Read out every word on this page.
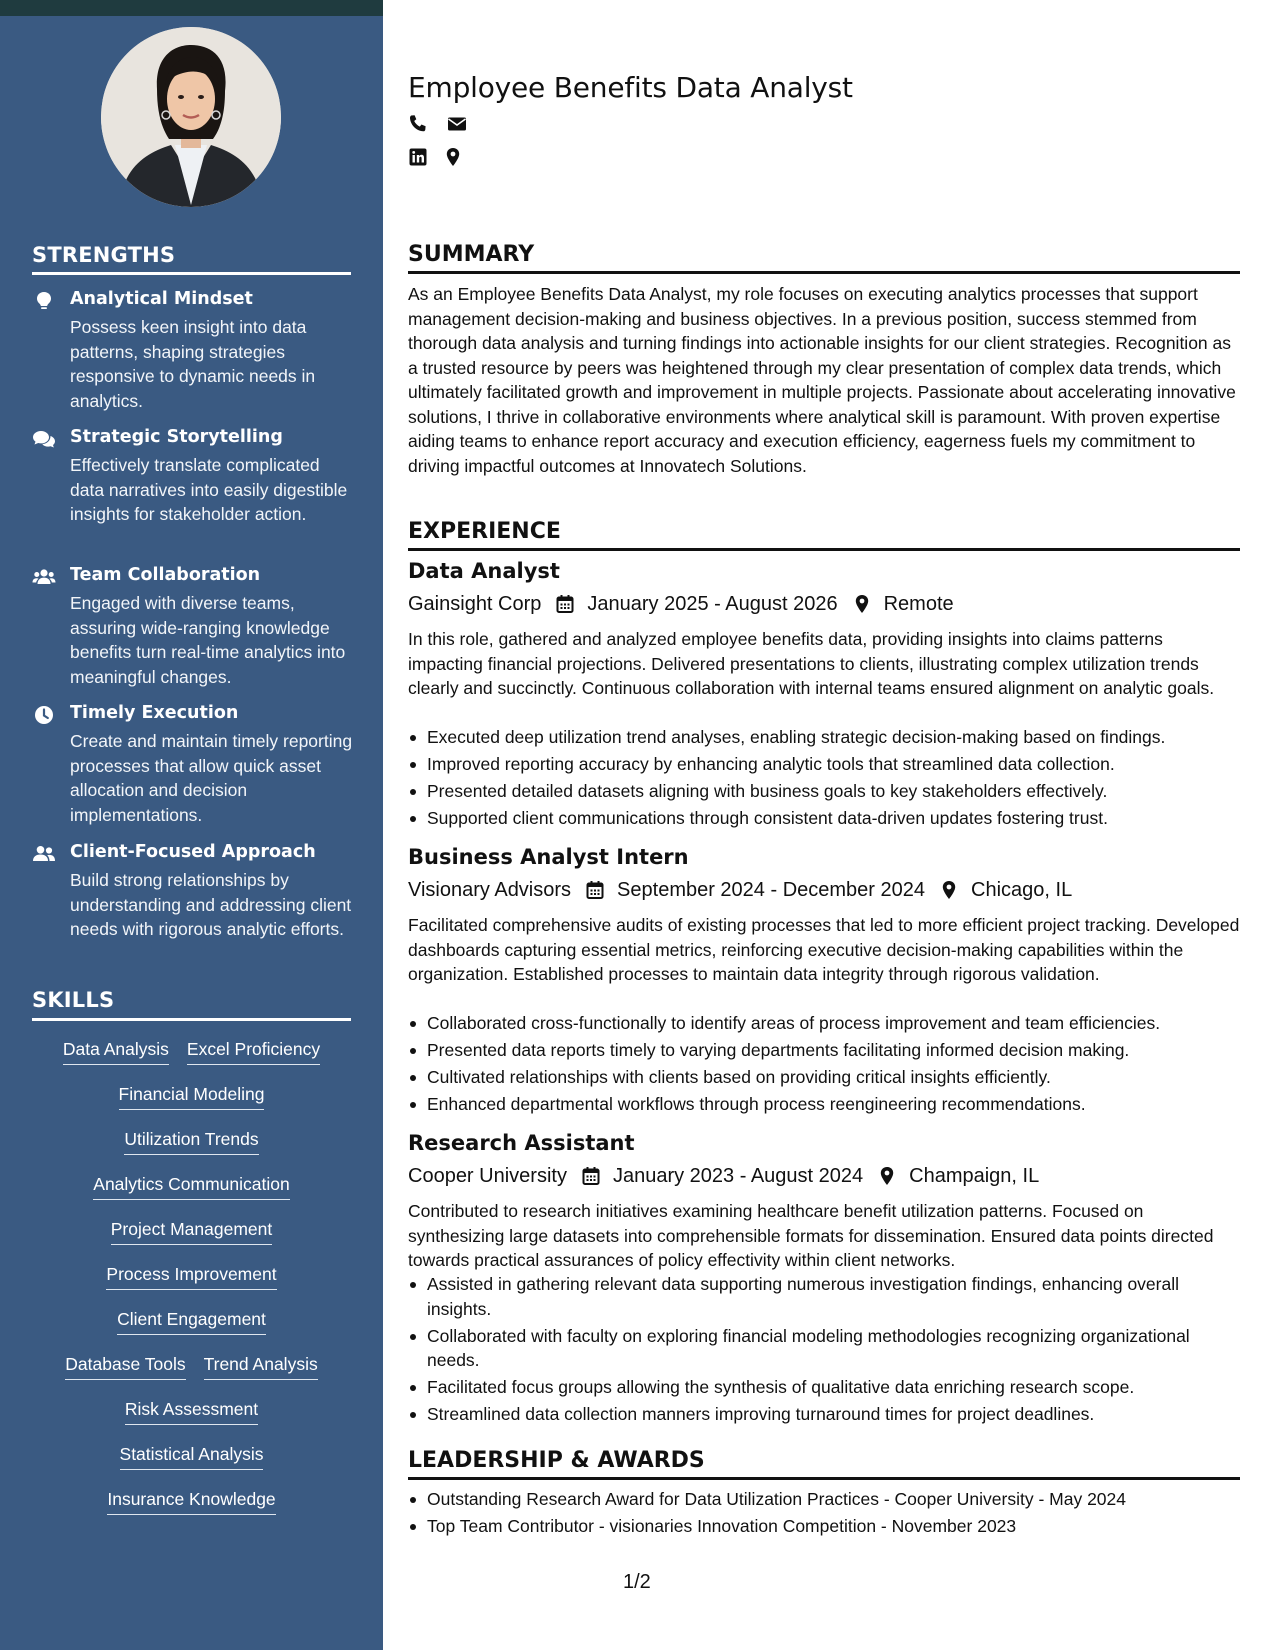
STRENGTHS
Analytical Mindset
Possess keen insight into data patterns, shaping strategies responsive to dynamic needs in analytics.
Strategic Storytelling
Effectively translate complicated data narratives into easily digestible insights for stakeholder action.
Team Collaboration
Engaged with diverse teams, assuring wide-ranging knowledge benefits turn real-time analytics into meaningful changes.
Timely Execution
Create and maintain timely reporting processes that allow quick asset allocation and decision implementations.
Client-Focused Approach
Build strong relationships by understanding and addressing client needs with rigorous analytic efforts.
SKILLS
Data Analysis Excel Proficiency
Financial Modeling
Utilization Trends
Analytics Communication
Project Management
Process Improvement
Client Engagement
Database Tools Trend Analysis
Risk Assessment
Statistical Analysis
Insurance Knowledge
Employee Benefits Data Analyst
SUMMARY
As an Employee Benefits Data Analyst, my role focuses on executing analytics processes that support management decision-making and business objectives. In a previous position, success stemmed from thorough data analysis and turning findings into actionable insights for our client strategies. Recognition as a trusted resource by peers was heightened through my clear presentation of complex data trends, which ultimately facilitated growth and improvement in multiple projects. Passionate about accelerating innovative solutions, I thrive in collaborative environments where analytical skill is paramount. With proven expertise aiding teams to enhance report accuracy and execution efficiency, eagerness fuels my commitment to driving impactful outcomes at Innovatech Solutions.
EXPERIENCE
Data Analyst
Gainsight Corp January 2025 - August 2026 Remote
In this role, gathered and analyzed employee benefits data, providing insights into claims patterns impacting financial projections. Delivered presentations to clients, illustrating complex utilization trends clearly and succinctly. Continuous collaboration with internal teams ensured alignment on analytic goals.
Executed deep utilization trend analyses, enabling strategic decision-making based on findings.
Improved reporting accuracy by enhancing analytic tools that streamlined data collection.
Presented detailed datasets aligning with business goals to key stakeholders effectively.
Supported client communications through consistent data-driven updates fostering trust.
Business Analyst Intern
Visionary Advisors September 2024 - December 2024 Chicago, IL
Facilitated comprehensive audits of existing processes that led to more efficient project tracking. Developed dashboards capturing essential metrics, reinforcing executive decision-making capabilities within the organization. Established processes to maintain data integrity through rigorous validation.
Collaborated cross-functionally to identify areas of process improvement and team efficiencies.
Presented data reports timely to varying departments facilitating informed decision making.
Cultivated relationships with clients based on providing critical insights efficiently.
Enhanced departmental workflows through process reengineering recommendations.
Research Assistant
Cooper University January 2023 - August 2024 Champaign, IL
Contributed to research initiatives examining healthcare benefit utilization patterns. Focused on synthesizing large datasets into comprehensible formats for dissemination. Ensured data points directed towards practical assurances of policy effectivity within client networks.
Assisted in gathering relevant data supporting numerous investigation findings, enhancing overall insights.
Collaborated with faculty on exploring financial modeling methodologies recognizing organizational needs.
Facilitated focus groups allowing the synthesis of qualitative data enriching research scope.
Streamlined data collection manners improving turnaround times for project deadlines.
LEADERSHIP & AWARDS
Outstanding Research Award for Data Utilization Practices - Cooper University - May 2024
Top Team Contributor - visionaries Innovation Competition - November 2023
1/2
